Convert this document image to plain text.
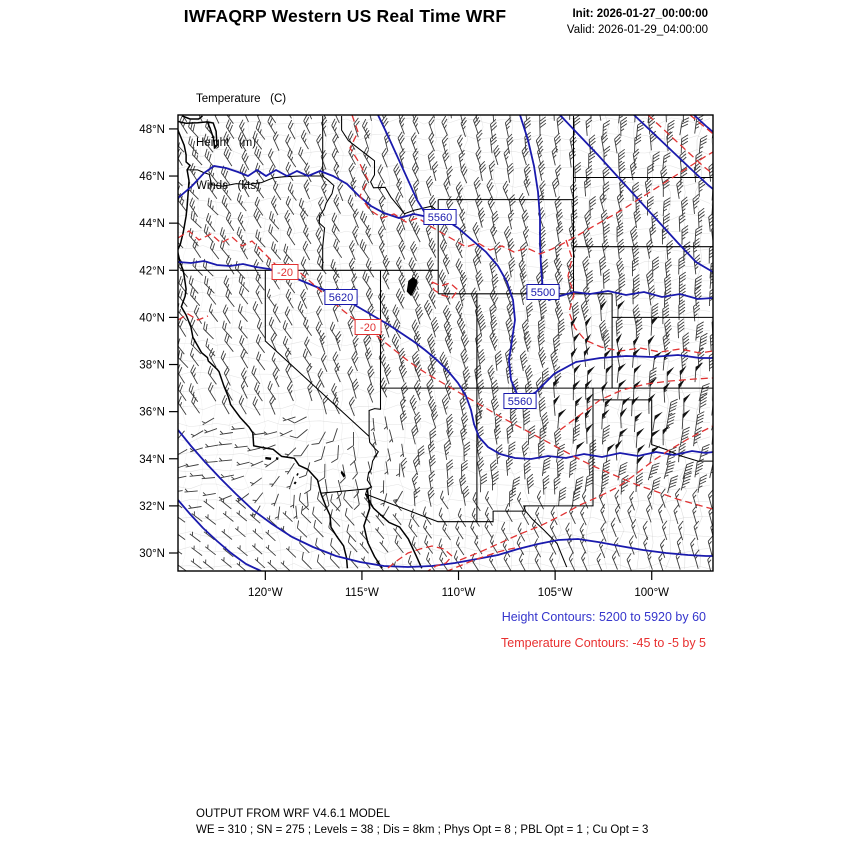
IWFAQRP Western US Real Time WRF	Init: 2026-01-27_00:00:00
Valid: 2026-01-29_04:00:00

Temperature   (C)

Height   (m)

Winds   (kts)

5560
5620	5500
5560
-20
-20
48°N
46°N
44°N
42°N
40°N
38°N
36°N
34°N
32°N
30°N
120°W	115°W	110°W	105°W	100°W
Height Contours: 5200 to 5920 by 60
Temperature Contours: -45 to -5 by 5
OUTPUT FROM WRF V4.6.1 MODEL
WE = 310 ; SN = 275 ; Levels = 38 ; Dis = 8km ; Phys Opt = 8 ; PBL Opt = 1 ; Cu Opt = 3
